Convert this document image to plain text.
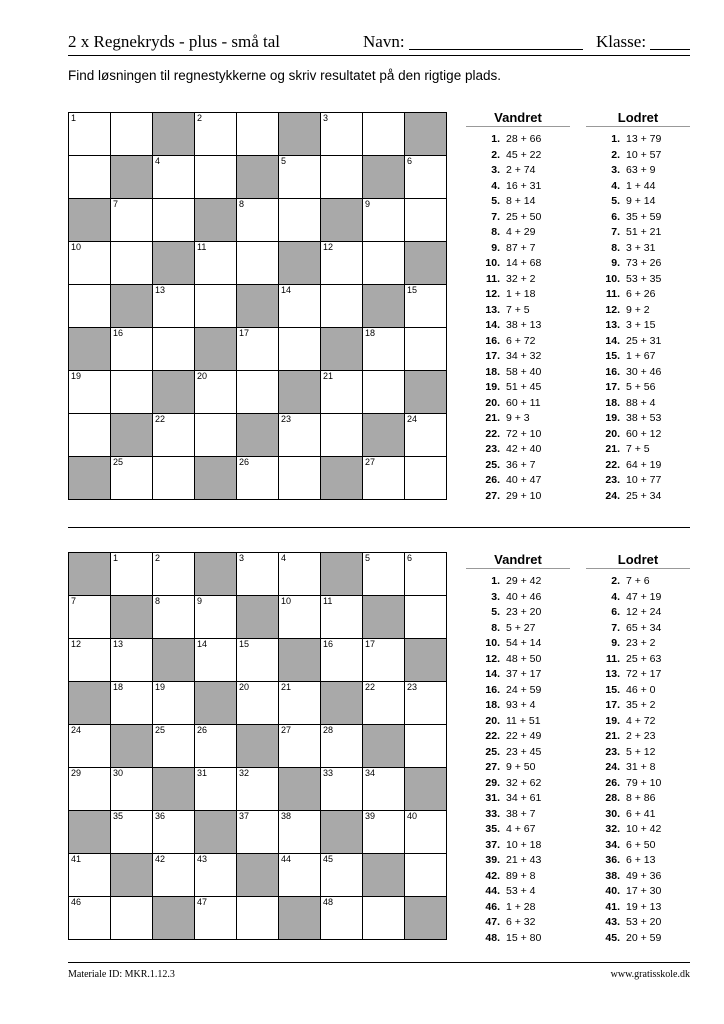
2 x Regnekryds - plus - små tal	Navn:	Klasse:
Find løsningen til regnestykkerne og skriv resultatet på den rigtige plads.
1	2	3
4	5	6
7	8	9
10	11	12
13	14	15
16	17	18
19	20	21
22	23	24
25	26	27
Vandret
1. 28 + 66
2. 45 + 22
3. 2 + 74
4. 16 + 31
5. 8 + 14
7. 25 + 50
8. 4 + 29
9. 87 + 7
10. 14 + 68
11. 32 + 2
12. 1 + 18
13. 7 + 5
14. 38 + 13
16. 6 + 72
17. 34 + 32
18. 58 + 40
19. 51 + 45
20. 60 + 11
21. 9 + 3
22. 72 + 10
23. 42 + 40
25. 36 + 7
26. 40 + 47
27. 29 + 10
Lodret
1. 13 + 79
2. 10 + 57
3. 63 + 9
4. 1 + 44
5. 9 + 14
6. 35 + 59
7. 51 + 21
8. 3 + 31
9. 73 + 26
10. 53 + 35
11. 6 + 26
12. 9 + 2
13. 3 + 15
14. 25 + 31
15. 1 + 67
16. 30 + 46
17. 5 + 56
18. 88 + 4
19. 38 + 53
20. 60 + 12
21. 7 + 5
22. 64 + 19
23. 10 + 77
24. 25 + 34
1	2	3	4	5	6
7	8	9	10	11
12	13	14	15	16	17
18	19	20	21	22	23
24	25	26	27	28
29	30	31	32	33	34
35	36	37	38	39	40
41	42	43	44	45
46	47	48
Vandret
1. 29 + 42
3. 40 + 46
5. 23 + 20
8. 5 + 27
10. 54 + 14
12. 48 + 50
14. 37 + 17
16. 24 + 59
18. 93 + 4
20. 11 + 51
22. 22 + 49
25. 23 + 45
27. 9 + 50
29. 32 + 62
31. 34 + 61
33. 38 + 7
35. 4 + 67
37. 10 + 18
39. 21 + 43
42. 89 + 8
44. 53 + 4
46. 1 + 28
47. 6 + 32
48. 15 + 80
Lodret
2. 7 + 6
4. 47 + 19
6. 12 + 24
7. 65 + 34
9. 23 + 2
11. 25 + 63
13. 72 + 17
15. 46 + 0
17. 35 + 2
19. 4 + 72
21. 2 + 23
23. 5 + 12
24. 31 + 8
26. 79 + 10
28. 8 + 86
30. 6 + 41
32. 10 + 42
34. 6 + 50
36. 6 + 13
38. 49 + 36
40. 17 + 30
41. 19 + 13
43. 53 + 20
45. 20 + 59
Materiale ID: MKR.1.12.3	www.gratisskole.dk
